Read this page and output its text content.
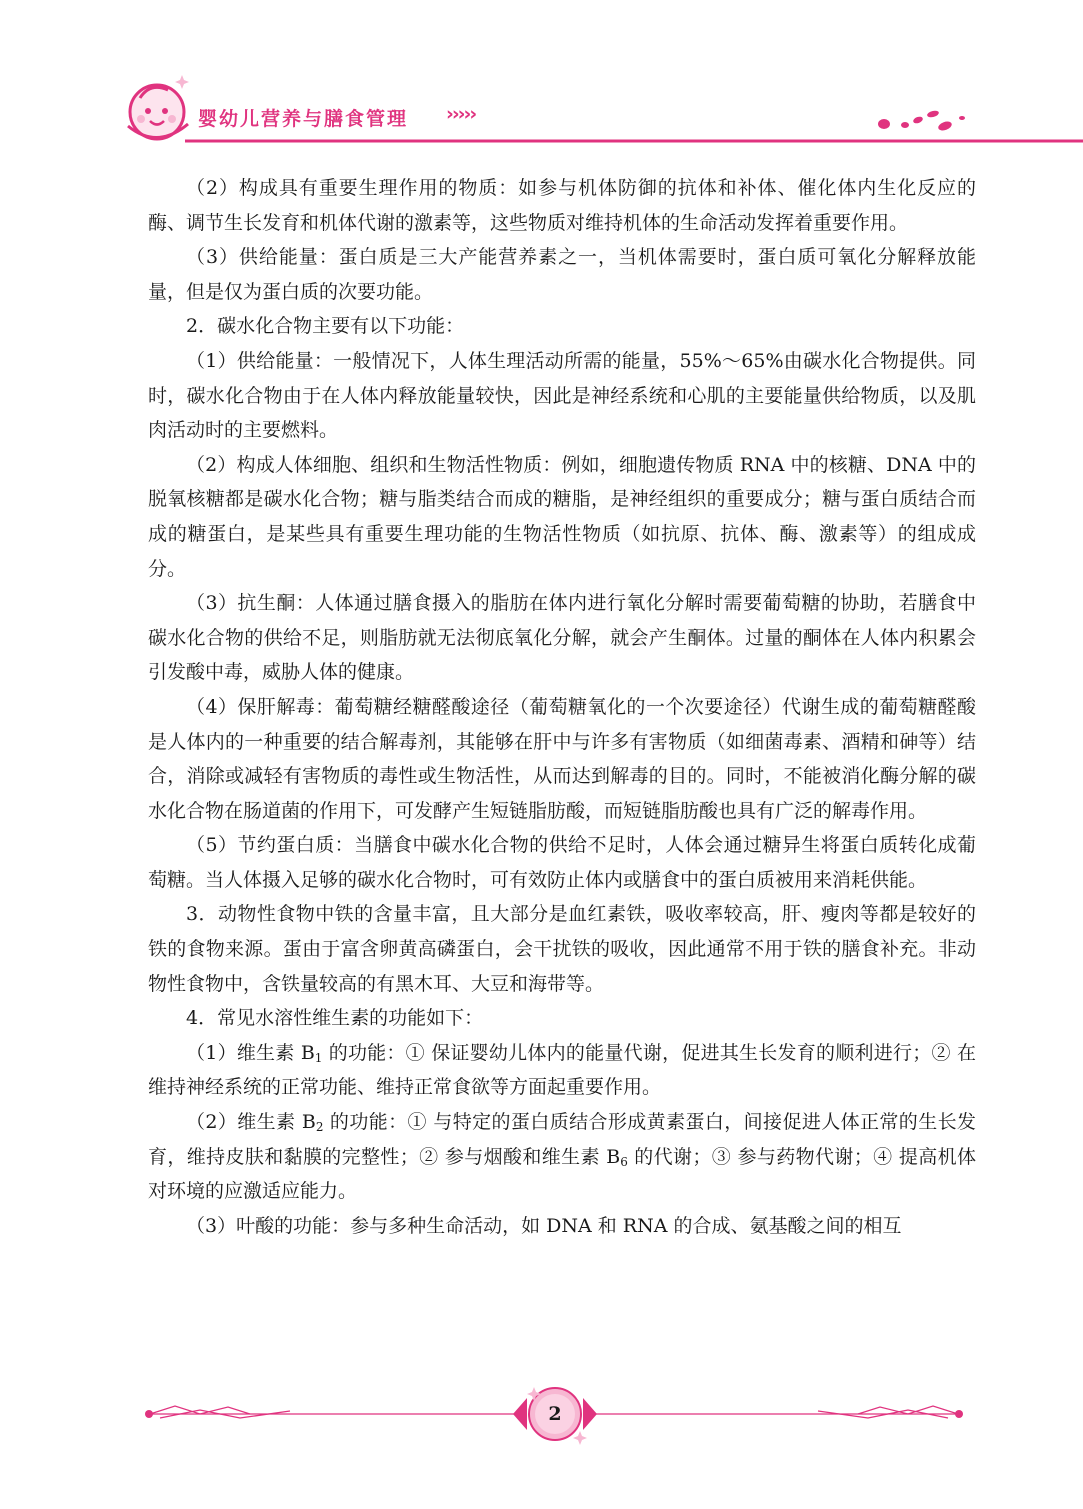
婴幼儿营养与膳食管理 ›››››

（2）构成具有重要生理作用的物质：如参与机体防御的抗体和补体、催化体内生化反应的酶、调节生长发育和机体代谢的激素等，这些物质对维持机体的生命活动发挥着重要作用。

（3）供给能量：蛋白质是三大产能营养素之一，当机体需要时，蛋白质可氧化分解释放能量，但是仅为蛋白质的次要功能。

2．碳水化合物主要有以下功能：

（1）供给能量：一般情况下，人体生理活动所需的能量，55%～65%由碳水化合物提供。同时，碳水化合物由于在人体内释放能量较快，因此是神经系统和心肌的主要能量供给物质，以及肌肉活动时的主要燃料。

（2）构成人体细胞、组织和生物活性物质：例如，细胞遗传物质 RNA 中的核糖、DNA 中的脱氧核糖都是碳水化合物；糖与脂类结合而成的糖脂，是神经组织的重要成分；糖与蛋白质结合而成的糖蛋白，是某些具有重要生理功能的生物活性物质（如抗原、抗体、酶、激素等）的组成成分。

（3）抗生酮：人体通过膳食摄入的脂肪在体内进行氧化分解时需要葡萄糖的协助，若膳食中碳水化合物的供给不足，则脂肪就无法彻底氧化分解，就会产生酮体。过量的酮体在人体内积累会引发酸中毒，威胁人体的健康。

（4）保肝解毒：葡萄糖经糖醛酸途径（葡萄糖氧化的一个次要途径）代谢生成的葡萄糖醛酸是人体内的一种重要的结合解毒剂，其能够在肝中与许多有害物质（如细菌毒素、酒精和砷等）结合，消除或减轻有害物质的毒性或生物活性，从而达到解毒的目的。同时，不能被消化酶分解的碳水化合物在肠道菌的作用下，可发酵产生短链脂肪酸，而短链脂肪酸也具有广泛的解毒作用。

（5）节约蛋白质：当膳食中碳水化合物的供给不足时，人体会通过糖异生将蛋白质转化成葡萄糖。当人体摄入足够的碳水化合物时，可有效防止体内或膳食中的蛋白质被用来消耗供能。

3．动物性食物中铁的含量丰富，且大部分是血红素铁，吸收率较高，肝、瘦肉等都是较好的铁的食物来源。蛋由于富含卵黄高磷蛋白，会干扰铁的吸收，因此通常不用于铁的膳食补充。非动物性食物中，含铁量较高的有黑木耳、大豆和海带等。

4．常见水溶性维生素的功能如下：

（1）维生素 $B_1$ 的功能：① 保证婴幼儿体内的能量代谢，促进其生长发育的顺利进行；② 在维持神经系统的正常功能、维持正常食欲等方面起重要作用。

（2）维生素 $B_2$ 的功能：① 与特定的蛋白质结合形成黄素蛋白，间接促进人体正常的生长发育，维持皮肤和黏膜的完整性；② 参与烟酸和维生素 $B_6$ 的代谢；③ 参与药物代谢；④ 提高机体对环境的应激适应能力。

（3）叶酸的功能：参与多种生命活动，如 DNA 和 RNA 的合成、氨基酸之间的相互

2
